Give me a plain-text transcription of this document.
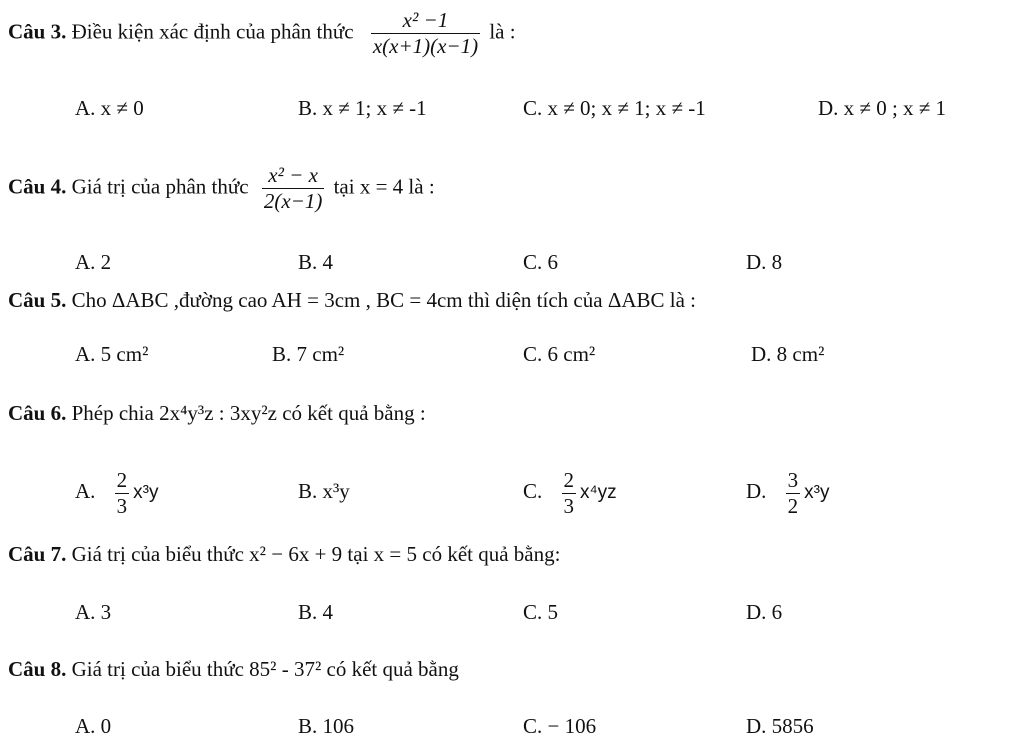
Câu 3. Điều kiện xác định của phân thức $\frac{\text{x² −1}}{x(x+1)(x-1)}$ là :
A. x ≠ 0	B. x ≠ 1; x ≠ -1	C. x ≠ 0; x ≠ 1; x ≠ -1	D. x ≠ 0 ; x ≠ 1
Câu 4. Giá trị của phân thức $\frac{\text{x² − x}}{2(x-1)}$ tại x = 4 là :
A. 2	B. 4	C. 6	D. 8
Câu 5. Cho ΔABC ,đường cao AH = 3cm , BC = 4cm thì diện tích của ΔABC là :
A. 5 cm²	B. 7 cm²	C. 6 cm²	D. 8 cm²
Câu 6. Phép chia 2x⁴y³z : 3xy²z có kết quả bằng :
A. $\frac{2}{3} x^3y$	B. x³y	C. $\frac{2}{3} x^4yz$	D. $\frac{3}{2} x^3y$
Câu 7. Giá trị của biểu thức x² − 6x + 9 tại x = 5 có kết quả bằng:
A. 3	B. 4	C. 5	D. 6
Câu 8. Giá trị của biểu thức 85² - 37² có kết quả bằng
A. 0	B. 106	C. − 106	D. 5856
